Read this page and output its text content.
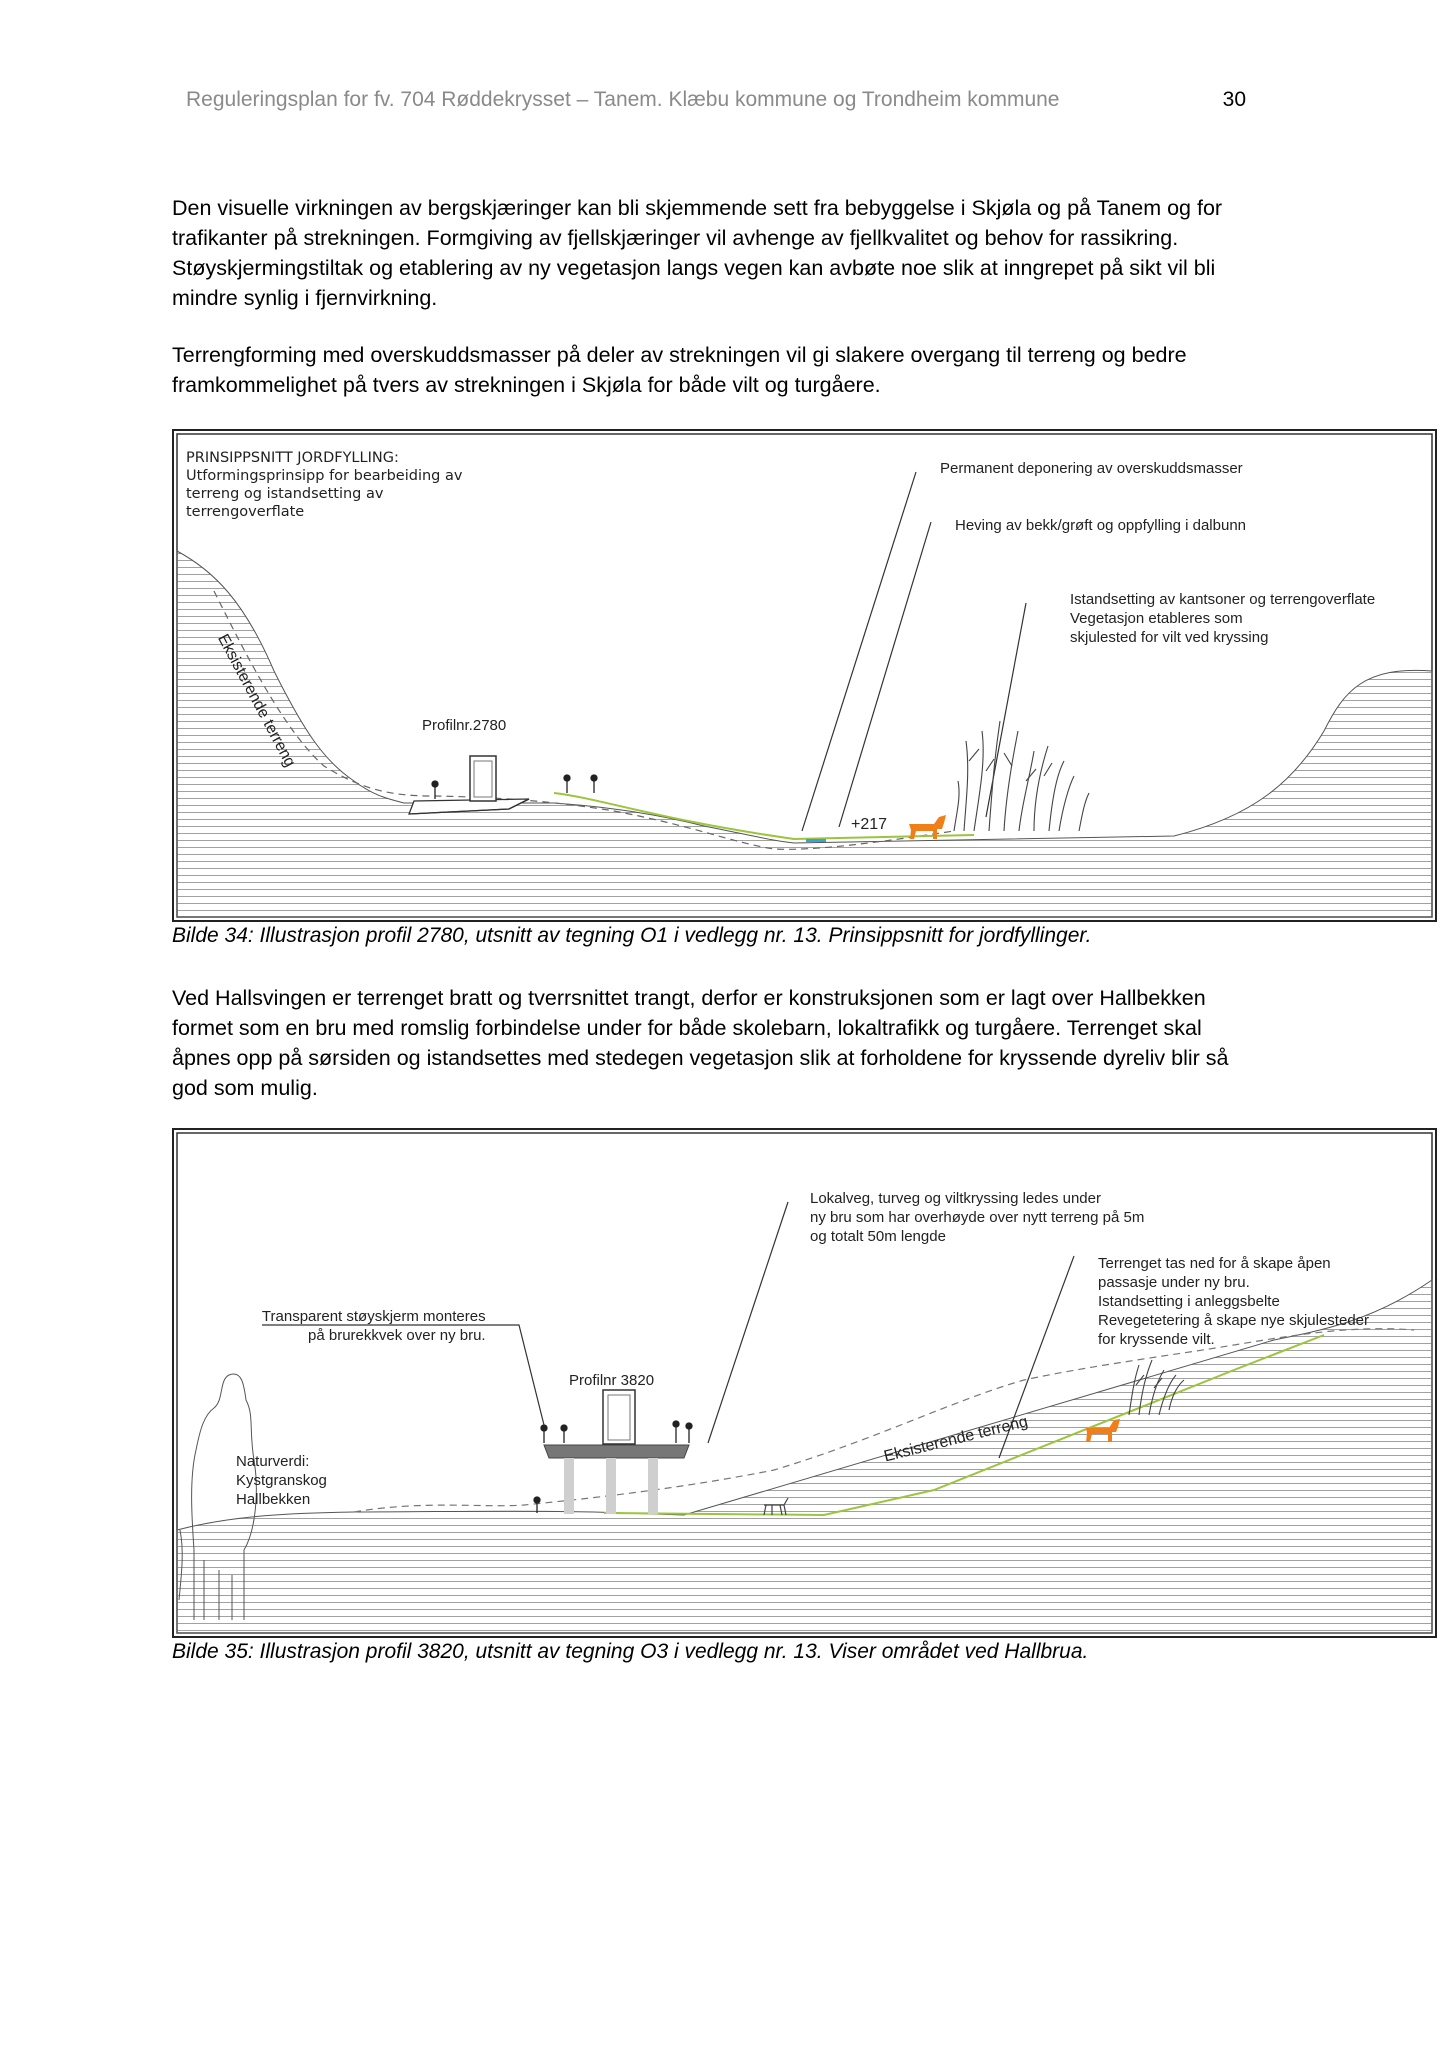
Reguleringsplan for fv. 704 Røddekrysset – Tanem. Klæbu kommune og Trondheim kommune	30
Den visuelle virkningen av bergskjæringer kan bli skjemmende sett fra bebyggelse i Skjøla og på Tanem og for
trafikanter på strekningen. Formgiving av fjellskjæringer vil avhenge av fjellkvalitet og behov for rassikring.
Støyskjermingstiltak og etablering av ny vegetasjon langs vegen kan avbøte noe slik at inngrepet på sikt vil bli
mindre synlig i fjernvirkning.
Terrengforming med overskuddsmasser på deler av strekningen vil gi slakere overgang til terreng og bedre
framkommelighet på tvers av strekningen i Skjøla for både vilt og turgåere.
PRINSIPPSNITT JORDFYLLING:
Utformingsprinsipp for bearbeiding av
terreng og istandsetting av
terrengoverflate
Permanent deponering av overskuddsmasser
Heving av bekk/grøft og oppfylling i dalbunn
Istandsetting av kantsoner og terrengoverflate
Vegetasjon etableres som
skjulested for vilt ved kryssing
Eksisterende terreng	Profilnr.2780
+217
Bilde 34: Illustrasjon profil 2780, utsnitt av tegning O1 i vedlegg nr. 13. Prinsippsnitt for jordfyllinger.
Ved Hallsvingen er terrenget bratt og tverrsnittet trangt, derfor er konstruksjonen som er lagt over Hallbekken
formet som en bru med romslig forbindelse under for både skolebarn, lokaltrafikk og turgåere. Terrenget skal
åpnes opp på sørsiden og istandsettes med stedegen vegetasjon slik at forholdene for kryssende dyreliv blir så
god som mulig.
Lokalveg, turveg og viltkryssing ledes under
ny bru som har overhøyde over nytt terreng på 5m
og totalt 50m lengde
Terrenget tas ned for å skape åpen
passasje under ny bru.
Istandsetting i anleggsbelte
Revegetetering å skape nye skjulesteder
for kryssende vilt.
Transparent støyskjerm monteres
på brurekkvek over ny bru.
Profilnr 3820
Naturverdi:
Kystgranskog
Hallbekken
Eksisterende terreng
Bilde 35: Illustrasjon profil 3820, utsnitt av tegning O3 i vedlegg nr. 13. Viser området ved Hallbrua.
